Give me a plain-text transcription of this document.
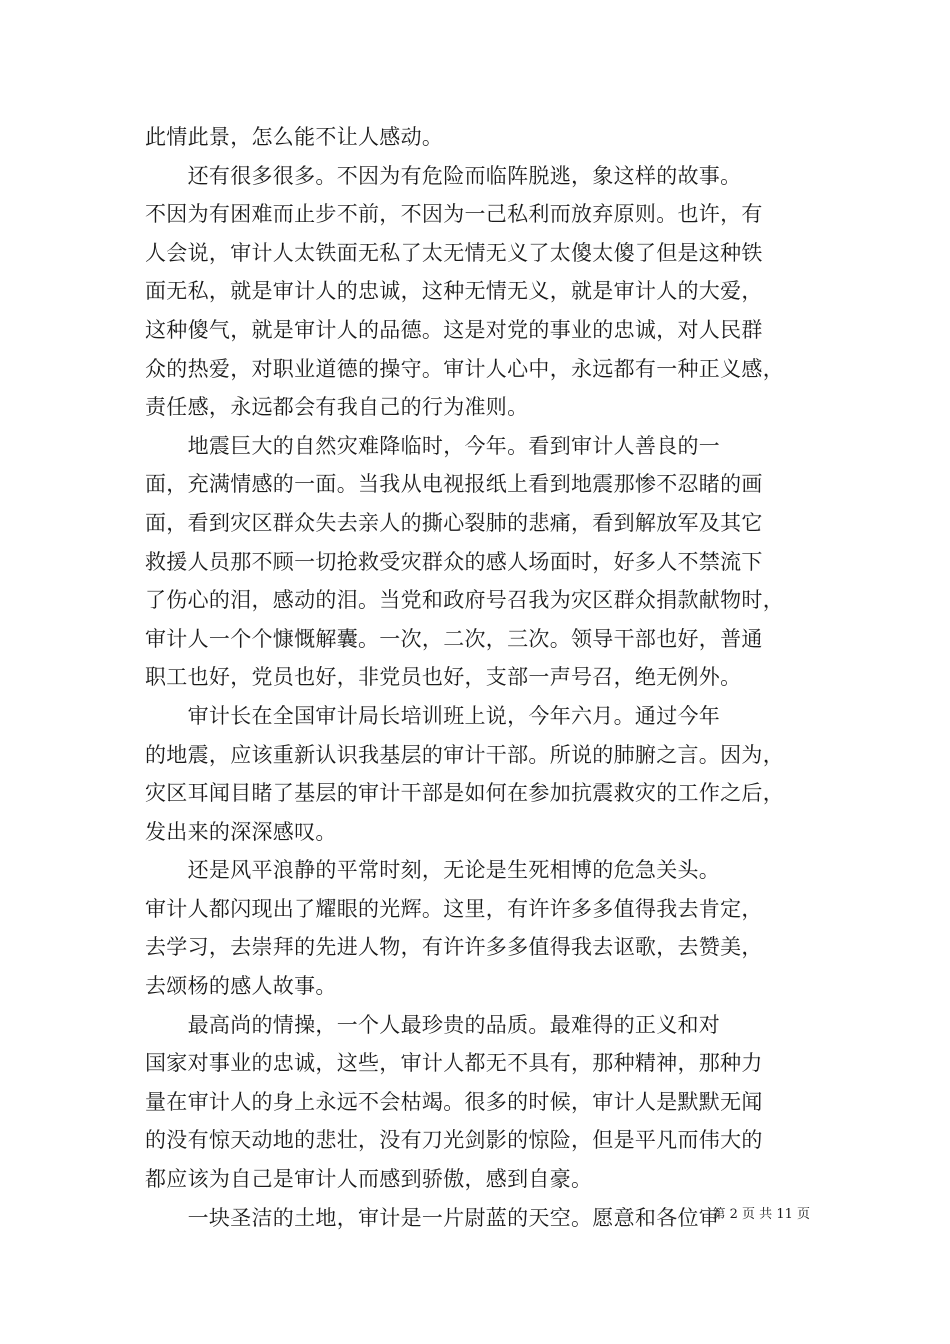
此情此景，怎么能不让人感动。
　　还有很多很多。不因为有危险而临阵脱逃，象这样的故事。
不因为有困难而止步不前，不因为一己私利而放弃原则。也许，有
人会说，审计人太铁面无私了太无情无义了太傻太傻了但是这种铁
面无私，就是审计人的忠诚，这种无情无义，就是审计人的大爱，
这种傻气，就是审计人的品德。这是对党的事业的忠诚，对人民群
众的热爱，对职业道德的操守。审计人心中，永远都有一种正义感，
责任感，永远都会有我自己的行为准则。
　　地震巨大的自然灾难降临时，今年。看到审计人善良的一
面，充满情感的一面。当我从电视报纸上看到地震那惨不忍睹的画
面，看到灾区群众失去亲人的撕心裂肺的悲痛，看到解放军及其它
救援人员那不顾一切抢救受灾群众的感人场面时，好多人不禁流下
了伤心的泪，感动的泪。当党和政府号召我为灾区群众捐款献物时，
审计人一个个慷慨解囊。一次，二次，三次。领导干部也好，普通
职工也好，党员也好，非党员也好，支部一声号召，绝无例外。
　　审计长在全国审计局长培训班上说，今年六月。通过今年
的地震，应该重新认识我基层的审计干部。所说的肺腑之言。因为，
灾区耳闻目睹了基层的审计干部是如何在参加抗震救灾的工作之后，
发出来的深深感叹。
　　还是风平浪静的平常时刻，无论是生死相博的危急关头。
审计人都闪现出了耀眼的光辉。这里，有许许多多值得我去肯定，
去学习，去崇拜的先进人物，有许许多多值得我去讴歌，去赞美，
去颂杨的感人故事。
　　最高尚的情操，一个人最珍贵的品质。最难得的正义和对
国家对事业的忠诚，这些，审计人都无不具有，那种精神，那种力
量在审计人的身上永远不会枯竭。很多的时候，审计人是默默无闻
的没有惊天动地的悲壮，没有刀光剑影的惊险，但是平凡而伟大的
都应该为自己是审计人而感到骄傲，感到自豪。
　　一块圣洁的土地，审计是一片尉蓝的天空。愿意和各位审
第 2 页 共 11 页
